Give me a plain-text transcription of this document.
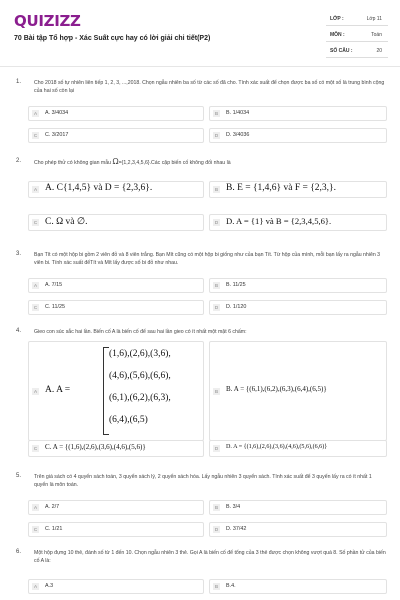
QUIZIZZ
70 Bài tập Tổ hợp - Xác Suất cực hay có lời giải chi tiết(P2)
LỚP :	Lớp 11
MÔN :	Toán
SỐ CÂU :	20
1. Cho 2018 số tự nhiên liên tiếp 1, 2, 3, ...,2018. Chọn ngẫu nhiên ba số từ các số đã cho. Tính xác suất để chọn được ba số có một số là trung bình cộng của hai số còn lại
A	A. 3/4034	B	B. 1/4034
C	C. 3/2017	D	D. 3/4036
2. Cho phép thử có không gian mẫu Ω={1,2,3,4,5,6}.Các cặp biến cố không đối nhau là
A A. C{1,4,5} và D = {2,3,6}.	B B. E = {1,4,6} và F = {2,3,}.
C C. Ω và ∅.	D D. A = {1} và B = {2,3,4,5,6}.
3. Bạn Tít có một hộp bi gồm 2 viên đỏ và 8 viên trắng. Bạn Mít cũng có một hộp bi giống như của bạn Tít. Từ hộp của mình, mỗi bạn lấy ra ngẫu nhiên 3 viên bi. Tính xác suất đểTít và Mít lấy được số bi đỏ như nhau.
A	A. 7/15	B	B. 11/25
C	C. 11/25	D	D. 1/120
4. Gieo con súc sắc hai lần. Biến cố A là biến cố để sau hai lần gieo có ít nhất một mặt 6 chấm:
A A. A =
(1,6),(2,6),(3,6),
(4,6),(5,6),(6,6),
(6,1),(6,2),(6,3),
(6,4),(6,5)
B B. A = {(6,1),(6,2),(6,3),(6,4),(6,5)}
C C. A = {(1,6),(2,6),(3,6),(4,6),(5,6)}	D	D. A = {(1,6),(2,6),(3,6),(4,6),(5,6),(6,6)}
5. Trên giá sách có 4 quyển sách toán, 3 quyển sách lý, 2 quyển sách hóa. Lấy ngẫu nhiên 3 quyển sách. Tính xác suất để 3 quyển lấy ra có ít nhất 1 quyển là môn toán.
A	A. 2/7	B	B. 3/4
C	C. 1/21	D	D. 37/42
6. Một hộp đựng 10 thẻ, đánh số từ 1 đến 10. Chọn ngẫu nhiên 3 thẻ. Gọi A là biến cố để tổng của 3 thẻ được chọn không vượt quá 8. Số phần tử của biến cố A là:
A	A.3	B	B.4.
